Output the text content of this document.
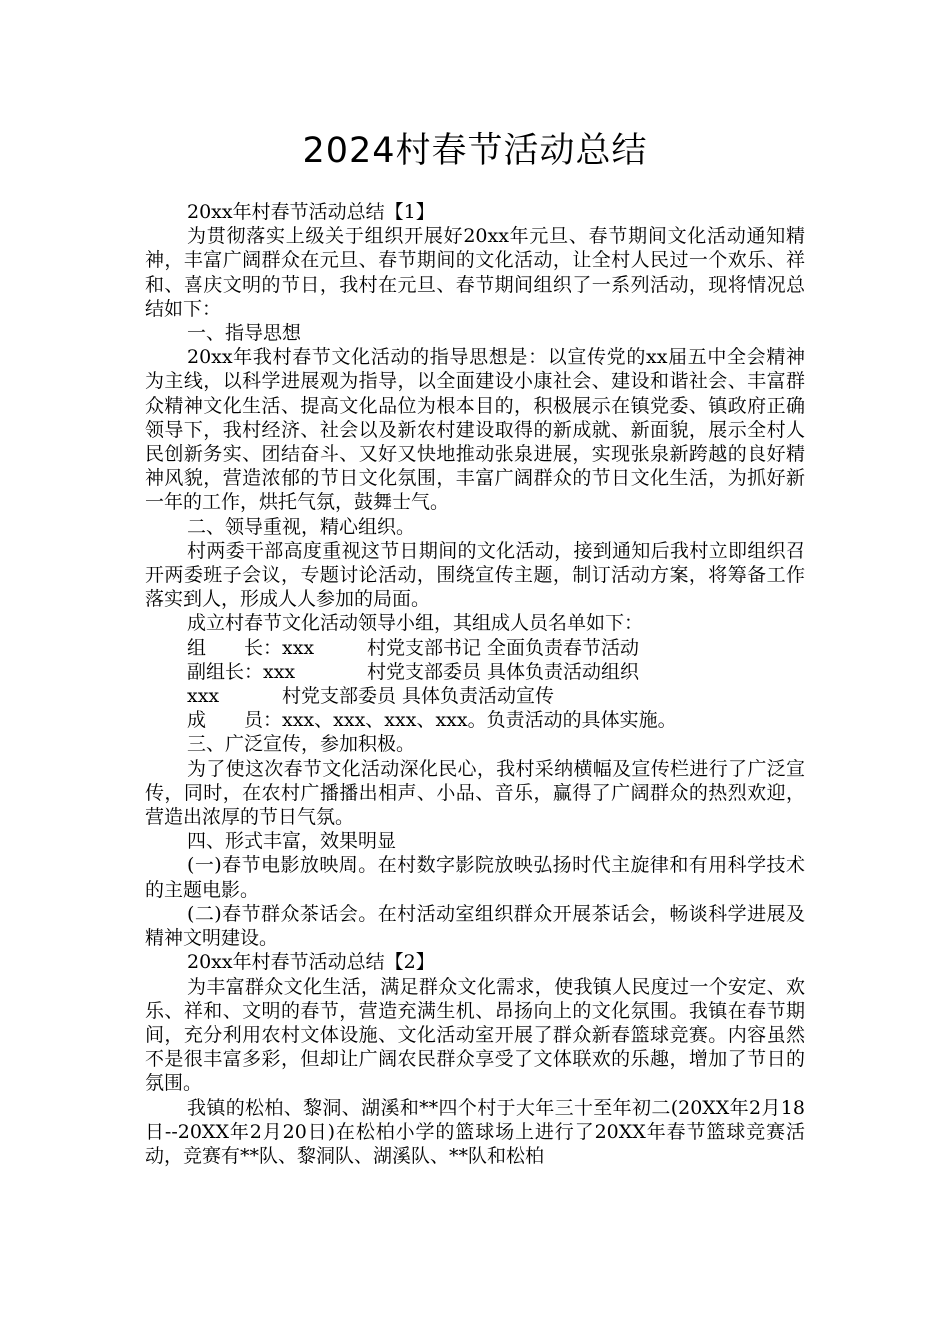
2024村春节活动总结

20xx年村春节活动总结【1】

为贯彻落实上级关于组织开展好20xx年元旦、春节期间文化活动通知精神，丰富广阔群众在元旦、春节期间的文化活动，让全村人民过一个欢乐、祥和、喜庆文明的节日，我村在元旦、春节期间组织了一系列活动，现将情况总结如下：

一、指导思想

20xx年我村春节文化活动的指导思想是：以宣传党的xx届五中全会精神为主线，以科学进展观为指导，以全面建设小康社会、建设和谐社会、丰富群众精神文化生活、提高文化品位为根本目的，积极展示在镇党委、镇政府正确领导下，我村经济、社会以及新农村建设取得的新成就、新面貌，展示全村人民创新务实、团结奋斗、又好又快地推动张泉进展，实现张泉新跨越的良好精神风貌，营造浓郁的节日文化氛围，丰富广阔群众的节日文化生活，为抓好新一年的工作，烘托气氛，鼓舞士气。

二、领导重视，精心组织。

村两委干部高度重视这节日期间的文化活动，接到通知后我村立即组织召开两委班子会议，专题讨论活动，围绕宣传主题，制订活动方案，将筹备工作落实到人，形成人人参加的局面。

成立村春节文化活动领导小组，其组成人员名单如下：

组　　长：xxx	村党支部书记 全面负责春节活动
副组长：xxx	村党支部委员 具体负责活动组织
xxx	村党支部委员 具体负责活动宣传
成　　员：xxx、xxx、xxx、xxx。负责活动的具体实施。

三、广泛宣传，参加积极。

为了使这次春节文化活动深化民心，我村采纳横幅及宣传栏进行了广泛宣传，同时，在农村广播播出相声、小品、音乐，赢得了广阔群众的热烈欢迎，营造出浓厚的节日气氛。

四、形式丰富，效果明显

(一)春节电影放映周。在村数字影院放映弘扬时代主旋律和有用科学技术的主题电影。

(二)春节群众茶话会。在村活动室组织群众开展茶话会，畅谈科学进展及精神文明建设。

20xx年村春节活动总结【2】

为丰富群众文化生活，满足群众文化需求，使我镇人民度过一个安定、欢乐、祥和、文明的春节，营造充满生机、昂扬向上的文化氛围。我镇在春节期间，充分利用农村文体设施、文化活动室开展了群众新春篮球竞赛。内容虽然不是很丰富多彩，但却让广阔农民群众享受了文体联欢的乐趣，增加了节日的氛围。

我镇的松柏、黎洞、湖溪和**四个村于大年三十至年初二(20XX年2月18日--20XX年2月20日)在松柏小学的篮球场上进行了20XX年春节篮球竞赛活动，竞赛有**队、黎洞队、湖溪队、**队和松柏
